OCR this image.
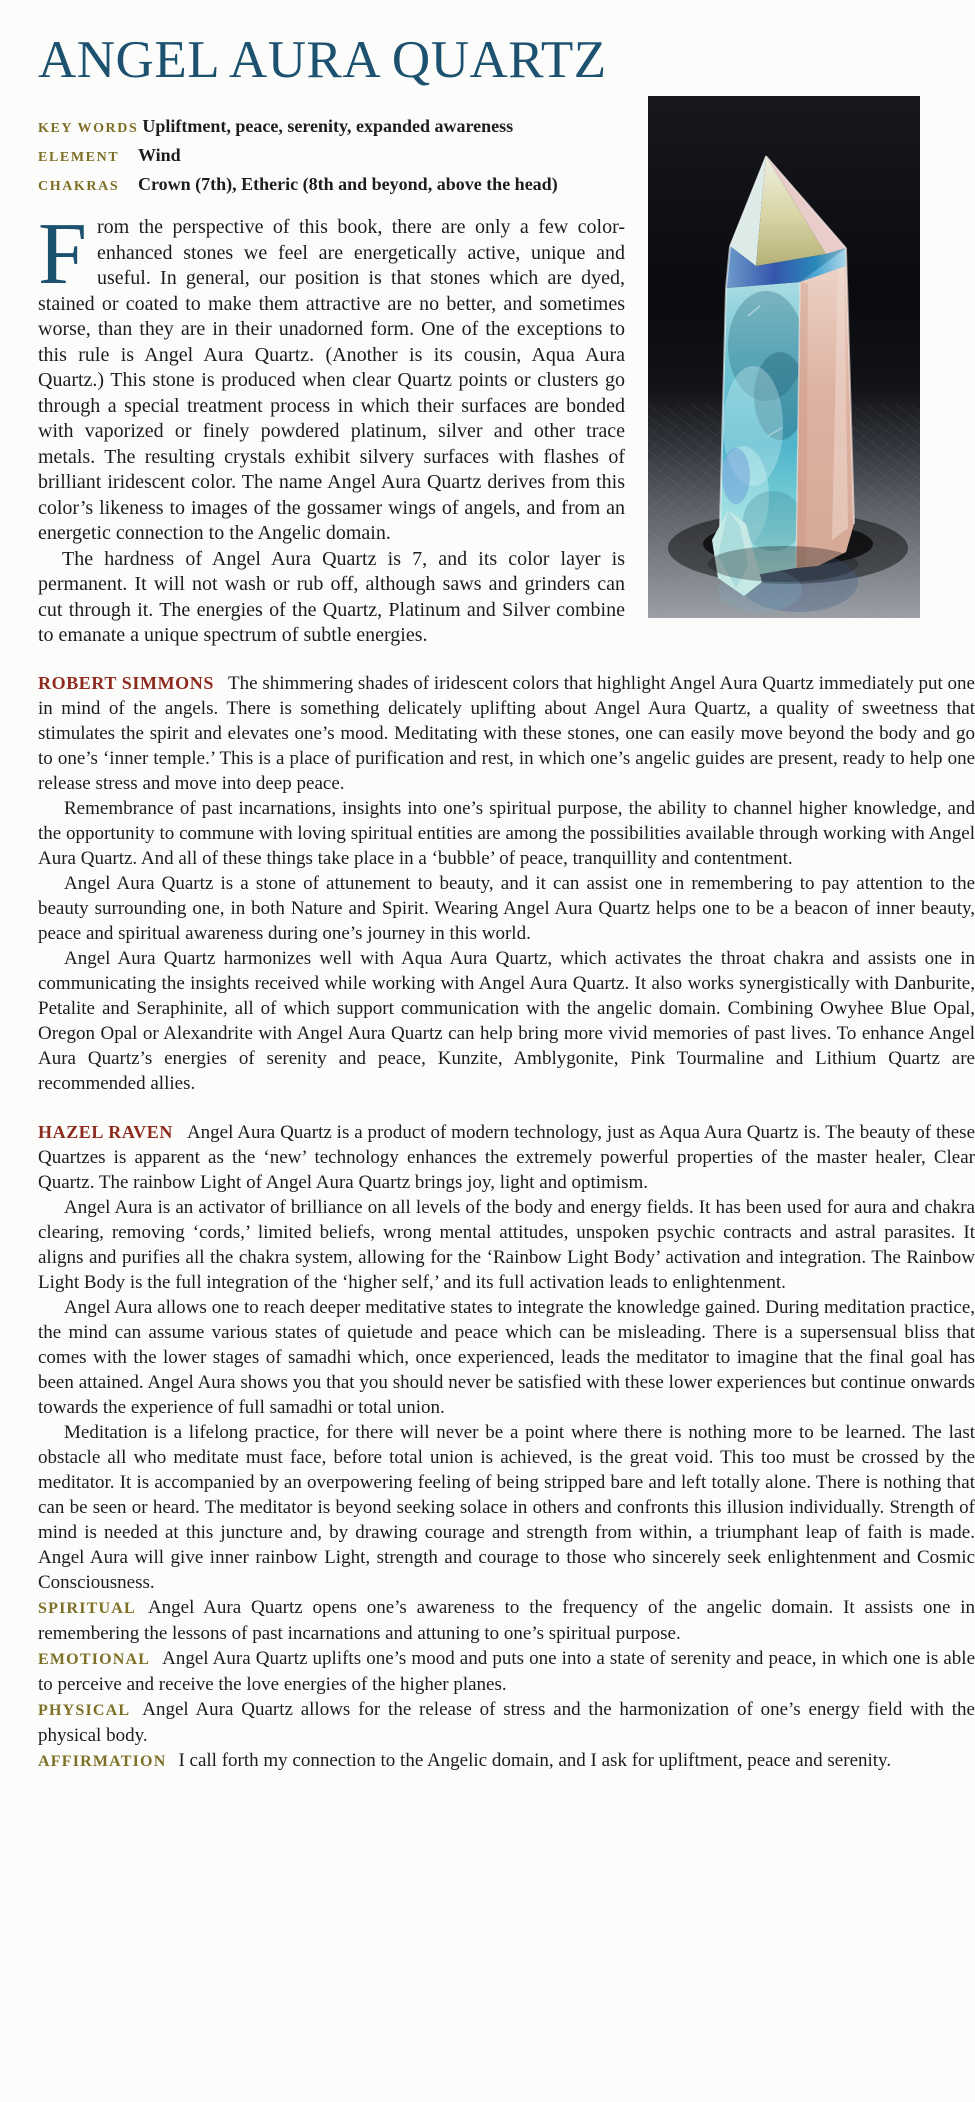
ANGEL AURA QUARTZ
KEY WORDS Upliftment, peace, serenity, expanded awareness
ELEMENT Wind
CHAKRAS Crown (7th), Etheric (8th and beyond, above the head)

From the perspective of this book, there are only a few color-enhanced stones we feel are energetically active, unique and useful. In general, our position is that stones which are dyed, stained or coated to make them attractive are no better, and sometimes worse, than they are in their unadorned form. One of the exceptions to this rule is Angel Aura Quartz. (Another is its cousin, Aqua Aura Quartz.) This stone is produced when clear Quartz points or clusters go through a special treatment process in which their surfaces are bonded with vaporized or finely powdered platinum, silver and other trace metals. The resulting crystals exhibit silvery surfaces with flashes of brilliant iridescent color. The name Angel Aura Quartz derives from this color’s likeness to images of the gossamer wings of angels, and from an energetic connection to the Angelic domain.

The hardness of Angel Aura Quartz is 7, and its color layer is permanent. It will not wash or rub off, although saws and grinders can cut through it. The energies of the Quartz, Platinum and Silver combine to emanate a unique spectrum of subtle energies.

ROBERT SIMMONS The shimmering shades of iridescent colors that highlight Angel Aura Quartz immediately put one in mind of the angels. There is something delicately uplifting about Angel Aura Quartz, a quality of sweetness that stimulates the spirit and elevates one’s mood. Meditating with these stones, one can easily move beyond the body and go to one’s ‘inner temple.’ This is a place of purification and rest, in which one’s angelic guides are present, ready to help one release stress and move into deep peace.

Remembrance of past incarnations, insights into one’s spiritual purpose, the ability to channel higher knowledge, and the opportunity to commune with loving spiritual entities are among the possibilities available through working with Angel Aura Quartz. And all of these things take place in a ‘bubble’ of peace, tranquillity and contentment.

Angel Aura Quartz is a stone of attunement to beauty, and it can assist one in remembering to pay attention to the beauty surrounding one, in both Nature and Spirit. Wearing Angel Aura Quartz helps one to be a beacon of inner beauty, peace and spiritual awareness during one’s journey in this world.

Angel Aura Quartz harmonizes well with Aqua Aura Quartz, which activates the throat chakra and assists one in communicating the insights received while working with Angel Aura Quartz. It also works synergistically with Danburite, Petalite and Seraphinite, all of which support communication with the angelic domain. Combining Owyhee Blue Opal, Oregon Opal or Alexandrite with Angel Aura Quartz can help bring more vivid memories of past lives. To enhance Angel Aura Quartz’s energies of serenity and peace, Kunzite, Amblygonite, Pink Tourmaline and Lithium Quartz are recommended allies.

HAZEL RAVEN Angel Aura Quartz is a product of modern technology, just as Aqua Aura Quartz is. The beauty of these Quartzes is apparent as the ‘new’ technology enhances the extremely powerful properties of the master healer, Clear Quartz. The rainbow Light of Angel Aura Quartz brings joy, light and optimism.

Angel Aura is an activator of brilliance on all levels of the body and energy fields. It has been used for aura and chakra clearing, removing ‘cords,’ limited beliefs, wrong mental attitudes, unspoken psychic contracts and astral parasites. It aligns and purifies all the chakra system, allowing for the ‘Rainbow Light Body’ activation and integration. The Rainbow Light Body is the full integration of the ‘higher self,’ and its full activation leads to enlightenment.

Angel Aura allows one to reach deeper meditative states to integrate the knowledge gained. During meditation practice, the mind can assume various states of quietude and peace which can be misleading. There is a supersensual bliss that comes with the lower stages of samadhi which, once experienced, leads the meditator to imagine that the final goal has been attained. Angel Aura shows you that you should never be satisfied with these lower experiences but continue onwards towards the experience of full samadhi or total union.

Meditation is a lifelong practice, for there will never be a point where there is nothing more to be learned. The last obstacle all who meditate must face, before total union is achieved, is the great void. This too must be crossed by the meditator. It is accompanied by an overpowering feeling of being stripped bare and left totally alone. There is nothing that can be seen or heard. The meditator is beyond seeking solace in others and confronts this illusion individually. Strength of mind is needed at this juncture and, by drawing courage and strength from within, a triumphant leap of faith is made. Angel Aura will give inner rainbow Light, strength and courage to those who sincerely seek enlightenment and Cosmic Consciousness.

SPIRITUAL Angel Aura Quartz opens one’s awareness to the frequency of the angelic domain. It assists one in remembering the lessons of past incarnations and attuning to one’s spiritual purpose.

EMOTIONAL Angel Aura Quartz uplifts one’s mood and puts one into a state of serenity and peace, in which one is able to perceive and receive the love energies of the higher planes.

PHYSICAL Angel Aura Quartz allows for the release of stress and the harmonization of one’s energy field with the physical body.

AFFIRMATION I call forth my connection to the Angelic domain, and I ask for upliftment, peace and serenity.
